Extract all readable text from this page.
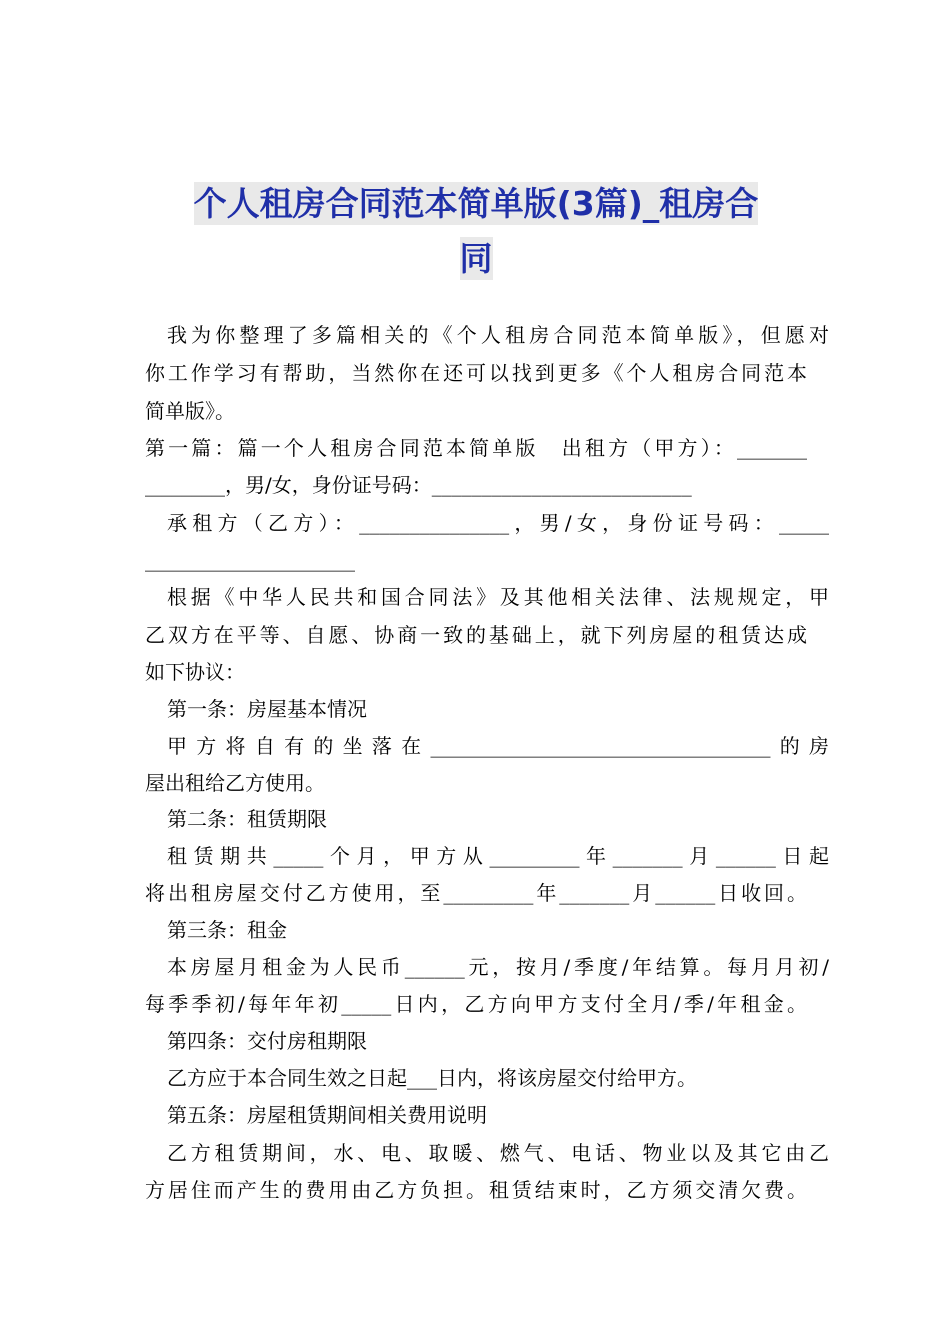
个人租房合同范本简单版(3篇)_租房合
同
我为你整理了多篇相关的《个人租房合同范本简单版》，但愿对
你工作学习有帮助，当然你在还可以找到更多《个人租房合同范本
简单版》。
第一篇：篇一个人租房合同范本简单版　出租方（甲方）：_______
________，男/女，身份证号码：__________________________
承租方（乙方）：_______________，男/女，身份证号码：_____
_____________________
根据《中华人民共和国合同法》及其他相关法律、法规规定，甲
乙双方在平等、自愿、协商一致的基础上，就下列房屋的租赁达成
如下协议：
第一条：房屋基本情况
甲方将自有的坐落在__________________________________的房
屋出租给乙方使用。
第二条：租赁期限
租赁期共_____个月，甲方从_________年_______月______日起
将出租房屋交付乙方使用，至_________年_______月______日收回。
第三条：租金
本房屋月租金为人民币______元，按月/季度/年结算。每月月初/
每季季初/每年年初_____日内，乙方向甲方支付全月/季/年租金。
第四条：交付房租期限
乙方应于本合同生效之日起___日内，将该房屋交付给甲方。
第五条：房屋租赁期间相关费用说明
乙方租赁期间，水、电、取暖、燃气、电话、物业以及其它由乙
方居住而产生的费用由乙方负担。租赁结束时，乙方须交清欠费。
